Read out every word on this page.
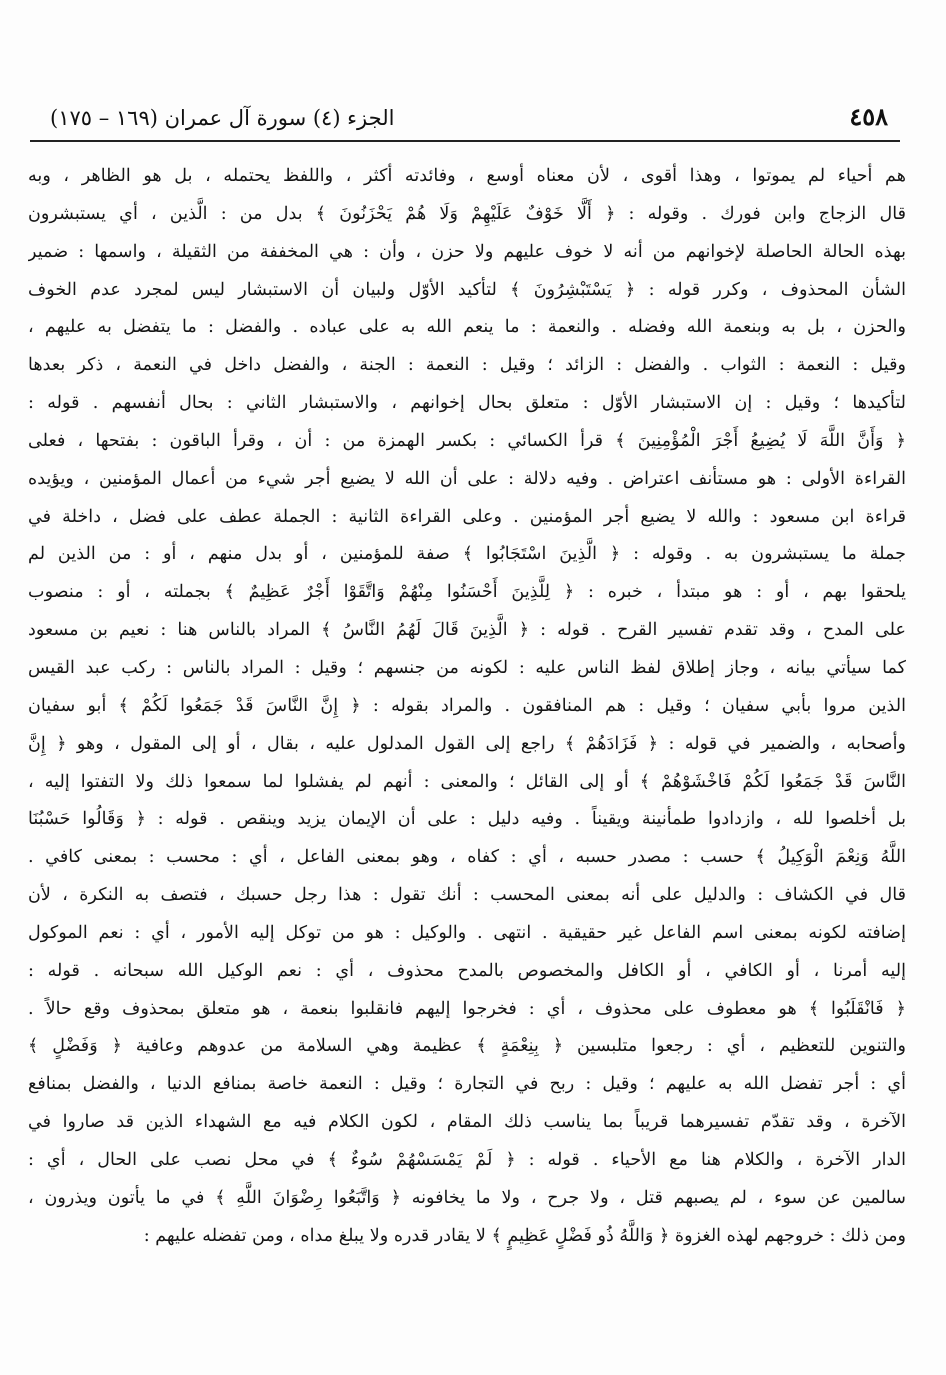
٤٥٨
الجزء (٤) سورة آل عمران (١٦٩ – ١٧٥)
هم أحياء لم يموتوا ، وهذا أقوى ، لأن معناه أوسع ، وفائدته أكثر ، واللفظ يحتمله ، بل هو الظاهر ، وبه
قال الزجاج وابن فورك . وقوله : ﴿ أَلَّا خَوْفٌ عَلَيْهِمْ وَلَا هُمْ يَحْزَنُونَ ﴾ بدل من : الَّذين ، أي يستبشرون
بهذه الحالة الحاصلة لإخوانهم من أنه لا خوف عليهم ولا حزن ، وأن : هي المخففة من الثقيلة ، واسمها : ضمير
الشأن المحذوف ، وكرر قوله : ﴿ يَسْتَبْشِرُونَ ﴾ لتأكيد الأوّل ولبيان أن الاستبشار ليس لمجرد عدم الخوف
والحزن ، بل به وبنعمة الله وفضله . والنعمة : ما ينعم الله به على عباده . والفضل : ما يتفضل به عليهم ،
وقيل : النعمة : الثواب . والفضل : الزائد ؛ وقيل : النعمة : الجنة ، والفضل داخل في النعمة ، ذكر بعدها
لتأكيدها ؛ وقيل : إن الاستبشار الأوّل : متعلق بحال إخوانهم ، والاستبشار الثاني : بحال أنفسهم . قوله :
﴿ وَأَنَّ اللَّهَ لَا يُضِيعُ أَجْرَ الْمُؤْمِنِينَ ﴾ قرأ الكسائي : بكسر الهمزة من : أن ، وقرأ الباقون : بفتحها ، فعلى
القراءة الأولى : هو مستأنف اعتراض . وفيه دلالة : على أن الله لا يضيع أجر شيء من أعمال المؤمنين ، ويؤيده
قراءة ابن مسعود : والله لا يضيع أجر المؤمنين . وعلى القراءة الثانية : الجملة عطف على فضل ، داخلة في
جملة ما يستبشرون به . وقوله : ﴿ الَّذِينَ اسْتَجَابُوا ﴾ صفة للمؤمنين ، أو بدل منهم ، أو : من الذين لم
يلحقوا بهم ، أو : هو مبتدأ ، خبره : ﴿ لِلَّذِينَ أَحْسَنُوا مِنْهُمْ وَاتَّقَوْا أَجْرٌ عَظِيمٌ ﴾ بجملته ، أو : منصوب
على المدح ، وقد تقدم تفسير القرح . قوله : ﴿ الَّذِينَ قَالَ لَهُمُ النَّاسُ ﴾ المراد بالناس هنا : نعيم بن مسعود
كما سيأتي بيانه ، وجاز إطلاق لفظ الناس عليه : لكونه من جنسهم ؛ وقيل : المراد بالناس : ركب عبد القيس
الذين مروا بأبي سفيان ؛ وقيل : هم المنافقون . والمراد بقوله : ﴿ إِنَّ النَّاسَ قَدْ جَمَعُوا لَكُمْ ﴾ أبو سفيان
وأصحابه ، والضمير في قوله : ﴿ فَزَادَهُمْ ﴾ راجع إلى القول المدلول عليه ، بقال ، أو إلى المقول ، وهو ﴿ إِنَّ
النَّاسَ قَدْ جَمَعُوا لَكُمْ فَاخْشَوْهُمْ ﴾ أو إلى القائل ؛ والمعنى : أنهم لم يفشلوا لما سمعوا ذلك ولا التفتوا إليه ،
بل أخلصوا لله ، وازدادوا طمأنينة ويقيناً . وفيه دليل : على أن الإيمان يزيد وينقص . قوله : ﴿ وَقَالُوا حَسْبُنَا
اللَّهُ وَنِعْمَ الْوَكِيلُ ﴾ حسب : مصدر حسبه ، أي : كفاه ، وهو بمعنى الفاعل ، أي : محسب : بمعنى كافي .
قال في الكشاف : والدليل على أنه بمعنى المحسب : أنك تقول : هذا رجل حسبك ، فتصف به النكرة ، لأن
إضافته لكونه بمعنى اسم الفاعل غير حقيقية . انتهى . والوكيل : هو من توكل إليه الأمور ، أي : نعم الموكول
إليه أمرنا ، أو الكافي ، أو الكافل والمخصوص بالمدح محذوف ، أي : نعم الوكيل الله سبحانه . قوله :
﴿ فَانْقَلَبُوا ﴾ هو معطوف على محذوف ، أي : فخرجوا إليهم فانقلبوا بنعمة ، هو متعلق بمحذوف وقع حالاً .
والتنوين للتعظيم ، أي : رجعوا متلبسين ﴿ بِنِعْمَةٍ ﴾ عظيمة وهي السلامة من عدوهم وعافية ﴿ وَفَضْلٍ ﴾
أي : أجر تفضل الله به عليهم ؛ وقيل : ربح في التجارة ؛ وقيل : النعمة خاصة بمنافع الدنيا ، والفضل بمنافع
الآخرة ، وقد تقدّم تفسيرهما قريباً بما يناسب ذلك المقام ، لكون الكلام فيه مع الشهداء الذين قد صاروا في
الدار الآخرة ، والكلام هنا مع الأحياء . قوله : ﴿ لَمْ يَمْسَسْهُمْ سُوءٌ ﴾ في محل نصب على الحال ، أي :
سالمين عن سوء ، لم يصبهم قتل ، ولا جرح ، ولا ما يخافونه ﴿ وَاتَّبَعُوا رِضْوَانَ اللَّهِ ﴾ في ما يأتون ويذرون ،
ومن ذلك : خروجهم لهذه الغزوة ﴿ وَاللَّهُ ذُو فَضْلٍ عَظِيمٍ ﴾ لا يقادر قدره ولا يبلغ مداه ، ومن تفضله عليهم :
